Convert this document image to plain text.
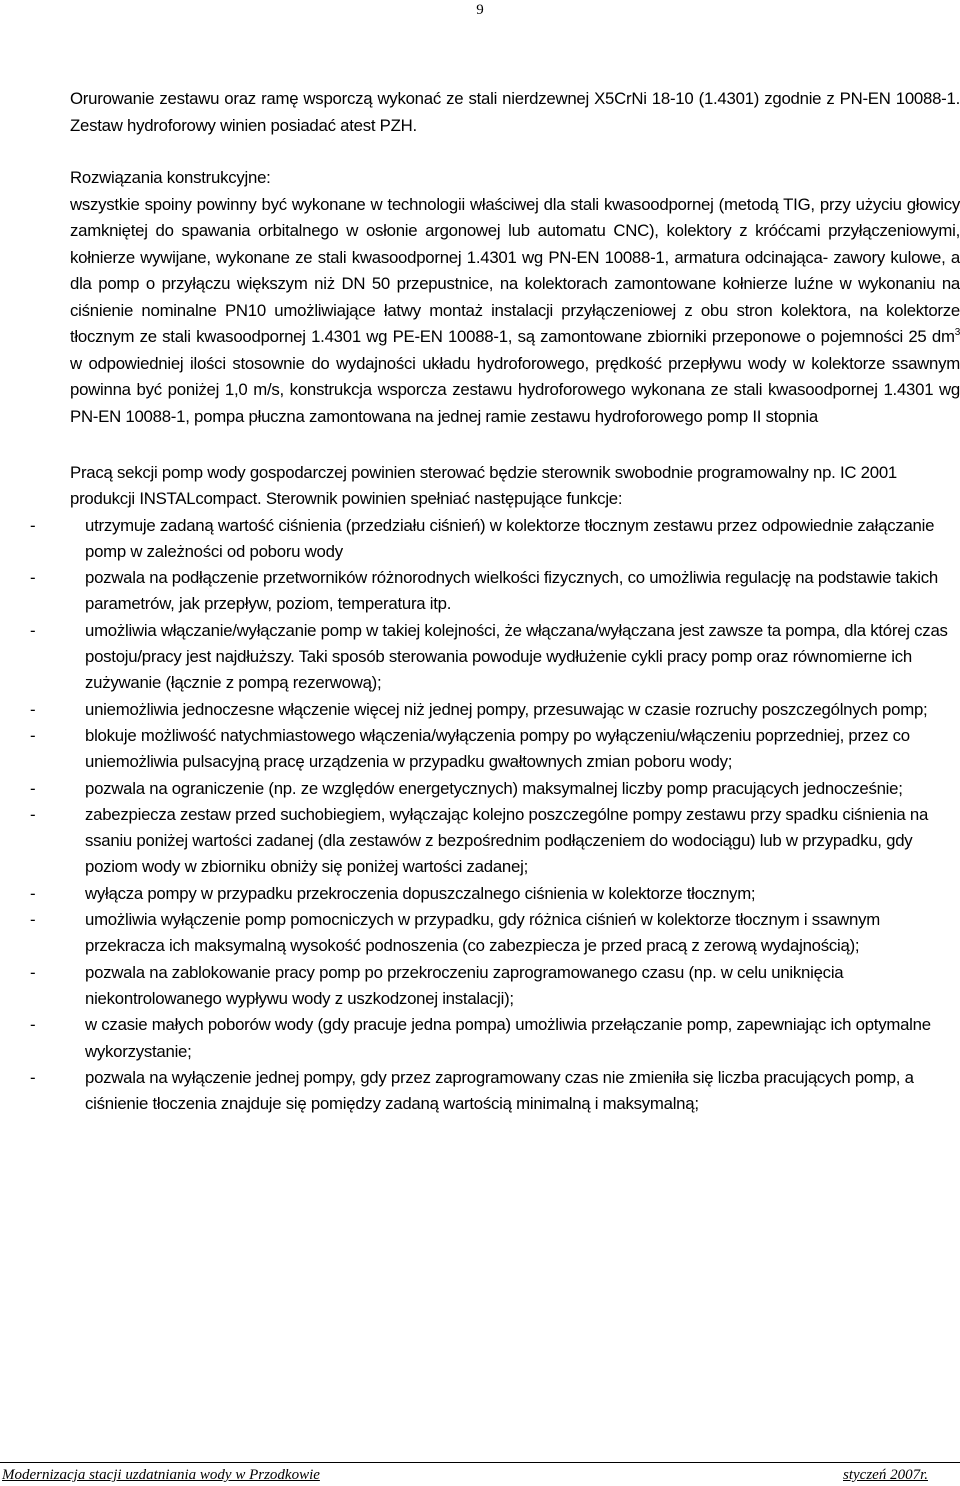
9

Orurowanie zestawu oraz ramę wsporczą wykonać ze stali nierdzewnej X5CrNi 18-10 (1.4301) zgodnie z PN-EN 10088-1. Zestaw hydroforowy winien posiadać atest PZH.

Rozwiązania konstrukcyjne:
wszystkie spoiny powinny być wykonane w technologii właściwej dla stali kwasoodpornej (metodą TIG, przy użyciu głowicy zamkniętej do spawania orbitalnego w osłonie argonowej lub automatu CNC), kolektory z króćcami przyłączeniowymi, kołnierze wywijane, wykonane ze stali kwasoodpornej 1.4301 wg PN-EN 10088-1, armatura odcinająca- zawory kulowe, a dla pomp o przyłączu większym niż DN 50 przepustnice, na kolektorach zamontowane kołnierze luźne w wykonaniu na ciśnienie nominalne PN10 umożliwiające łatwy montaż instalacji przyłączeniowej z obu stron kolektora, na kolektorze tłocznym ze stali kwasoodpornej 1.4301 wg PE-EN 10088-1, są zamontowane zbiorniki przeponowe o pojemności 25 $dm^3$ w odpowiedniej ilości stosownie do wydajności układu hydroforowego, prędkość przepływu wody w kolektorze ssawnym powinna być poniżej 1,0 m/s, konstrukcja wsporcza zestawu hydroforowego wykonana ze stali kwasoodpornej 1.4301 wg PN-EN 10088-1, pompa płuczna zamontowana na jednej ramie zestawu hydroforowego pomp II stopnia

Pracą sekcji pomp wody gospodarczej powinien sterować będzie sterownik swobodnie programowalny np. IC 2001 produkcji INSTALcompact. Sterownik powinien spełniać następujące funkcje:

-	utrzymuje zadaną wartość ciśnienia (przedziału ciśnień) w kolektorze tłocznym zestawu przez odpowiednie załączanie pomp w zależności od poboru wody
-	pozwala na podłączenie przetworników różnorodnych wielkości fizycznych, co umożliwia regulację na podstawie takich parametrów, jak przepływ, poziom, temperatura itp.
-	umożliwia włączanie/wyłączanie pomp w takiej kolejności, że włączana/wyłączana jest zawsze ta pompa, dla której czas postoju/pracy jest najdłuższy. Taki sposób sterowania powoduje wydłużenie cykli pracy pomp oraz równomierne ich zużywanie (łącznie z pompą rezerwową);
-	uniemożliwia jednoczesne włączenie więcej niż jednej pompy, przesuwając w czasie rozruchy poszczególnych pomp;
-	blokuje możliwość natychmiastowego włączenia/wyłączenia pompy po wyłączeniu/włączeniu poprzedniej, przez co uniemożliwia pulsacyjną pracę urządzenia w przypadku gwałtownych zmian poboru wody;
-	pozwala na ograniczenie (np. ze względów energetycznych) maksymalnej liczby pomp pracujących jednocześnie;
-	zabezpiecza zestaw przed suchobiegiem, wyłączając kolejno poszczególne pompy zestawu przy spadku ciśnienia na ssaniu poniżej wartości zadanej (dla zestawów z bezpośrednim podłączeniem do wodociągu) lub w przypadku, gdy poziom wody w zbiorniku obniży się poniżej wartości zadanej;
-	wyłącza pompy w przypadku przekroczenia dopuszczalnego ciśnienia w kolektorze tłocznym;
-	umożliwia wyłączenie pomp pomocniczych w przypadku, gdy różnica ciśnień w kolektorze tłocznym i ssawnym przekracza ich maksymalną wysokość podnoszenia (co zabezpiecza je przed pracą z zerową wydajnością);
-	pozwala na zablokowanie pracy pomp po przekroczeniu zaprogramowanego czasu (np. w celu uniknięcia niekontrolowanego wypływu wody z uszkodzonej instalacji);
-	w czasie małych poborów wody (gdy pracuje jedna pompa) umożliwia przełączanie pomp, zapewniając ich optymalne wykorzystanie;
-	pozwala na wyłączenie jednej pompy, gdy przez zaprogramowany czas nie zmieniła się liczba pracujących pomp, a ciśnienie tłoczenia znajduje się pomiędzy zadaną wartością minimalną i maksymalną;
Modernizacja stacji uzdatniania wody w Przodkowie	styczeń 2007r.
